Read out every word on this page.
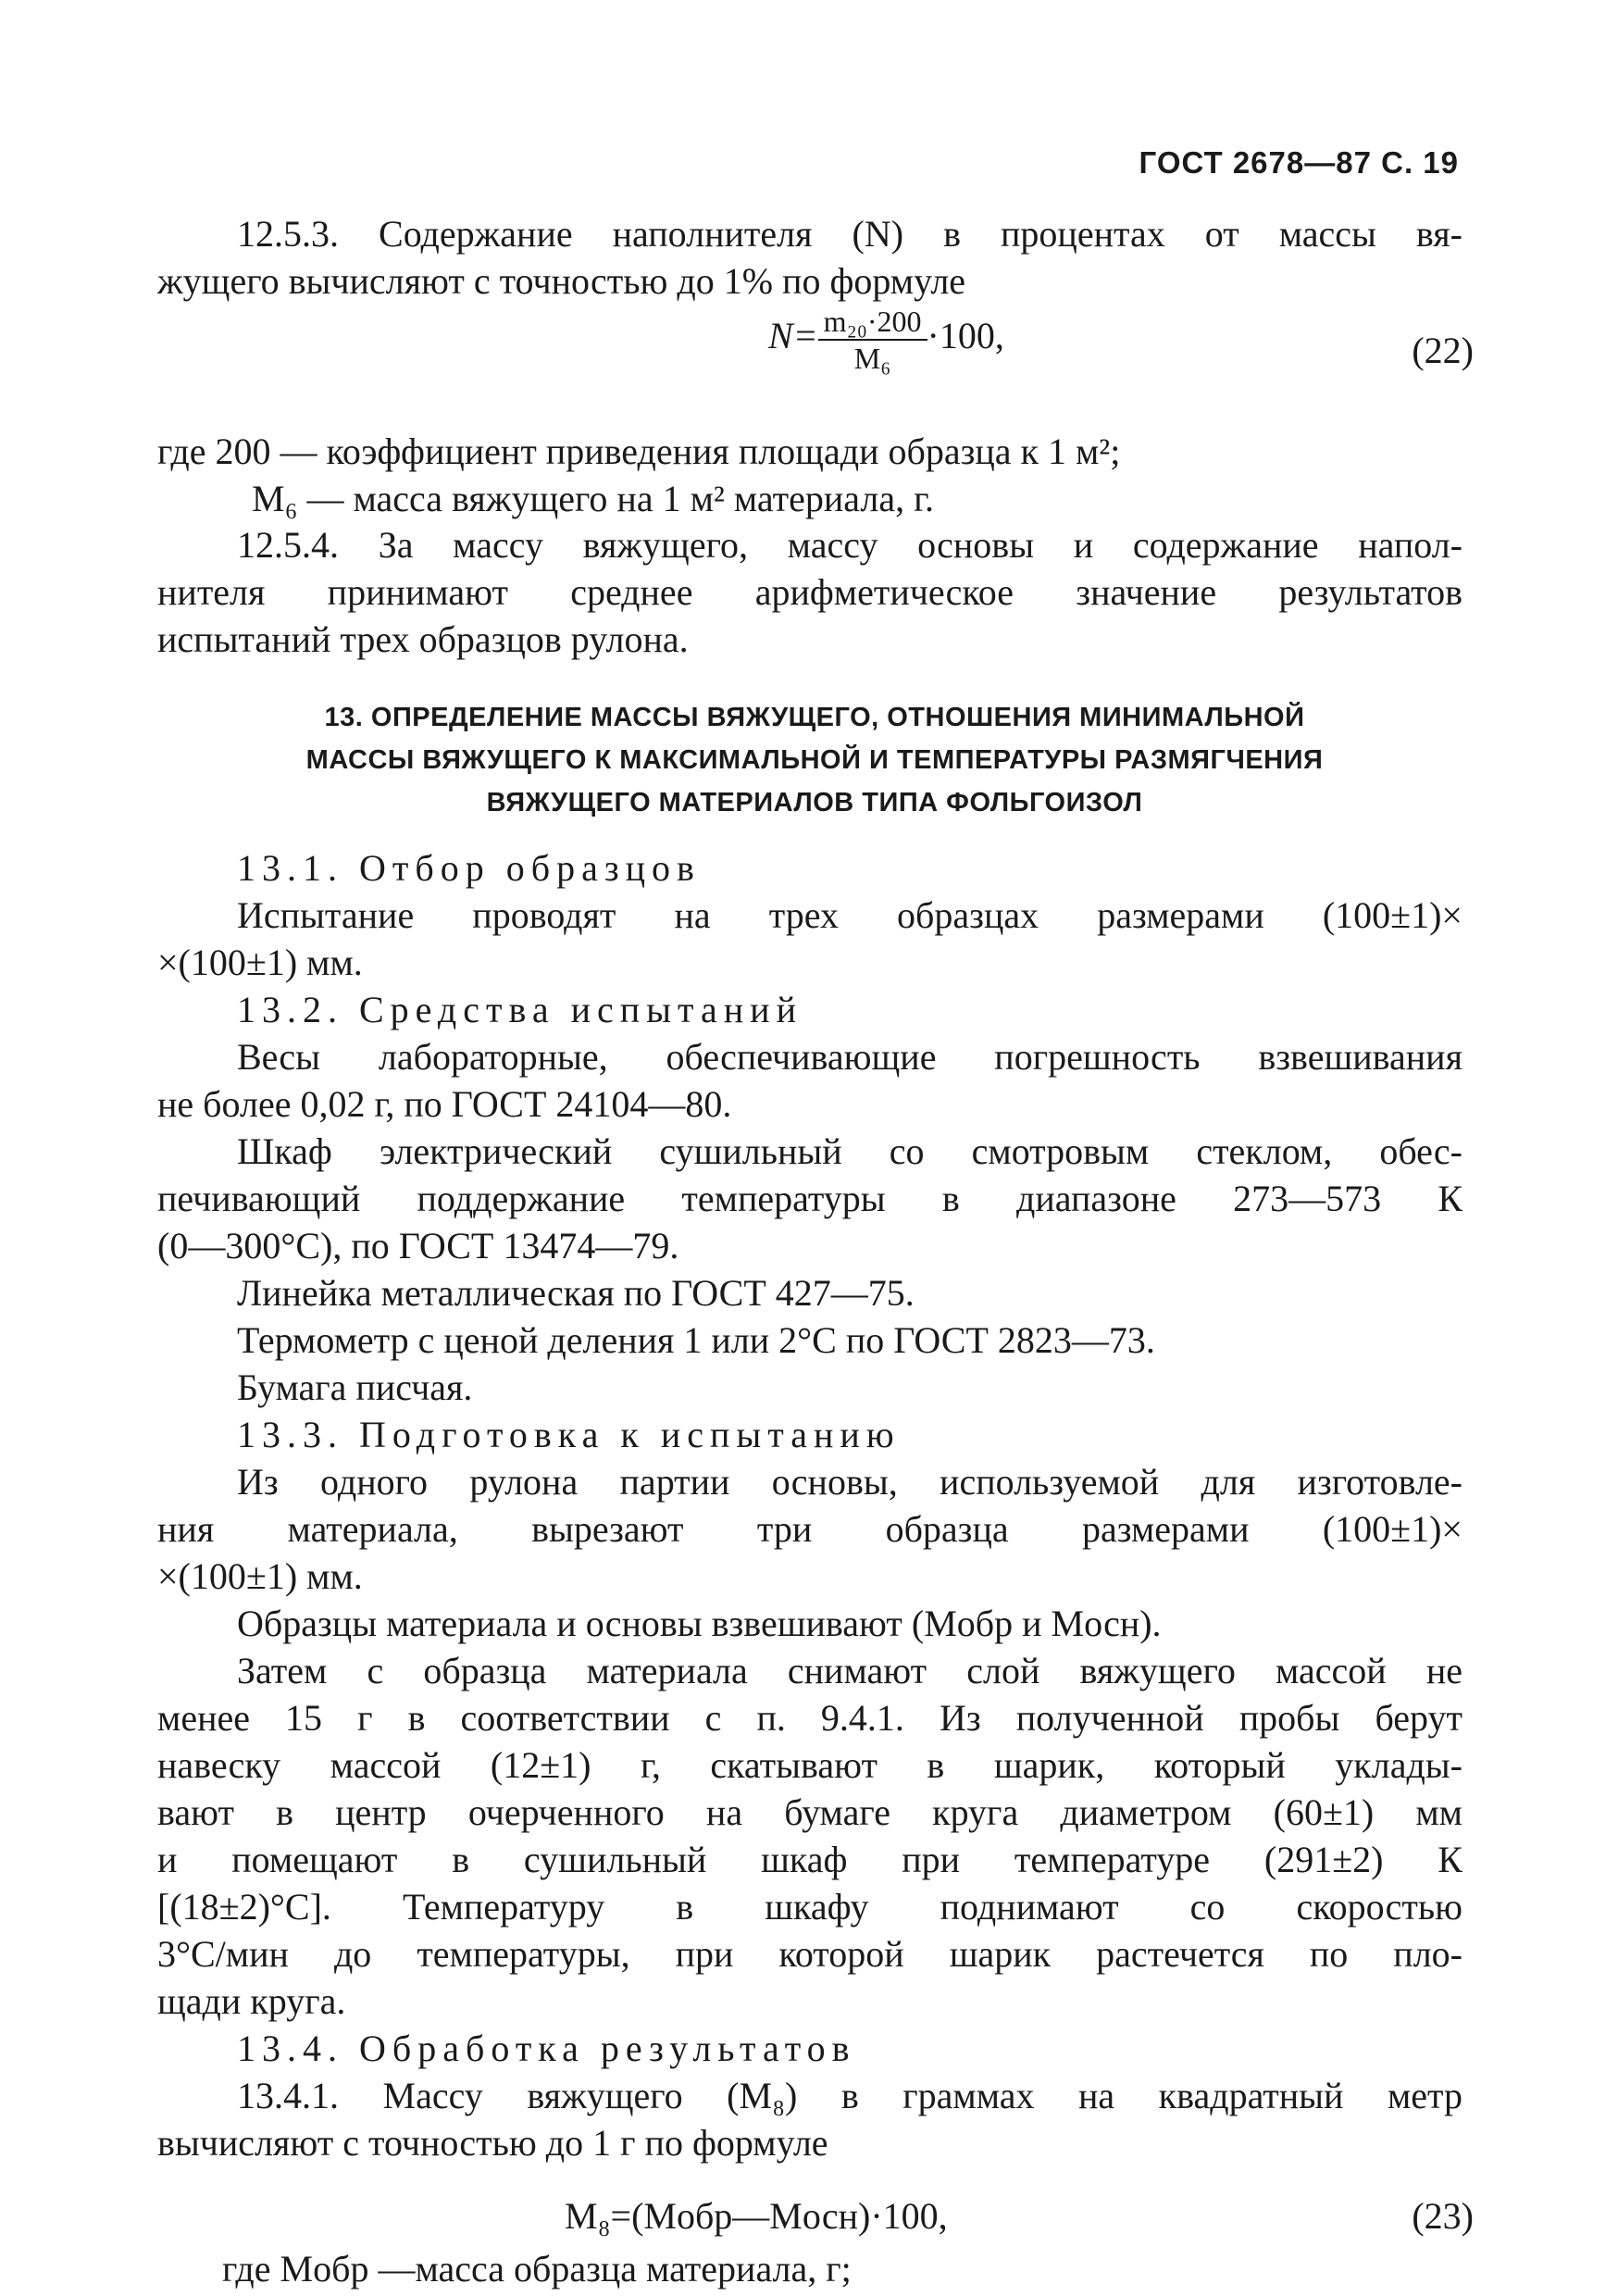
ГОСТ 2678—87 С. 19
12.5.3. Содержание наполнителя (N) в процентах от массы вя-
жущего вычисляют с точностью до 1% по формуле
$N= \frac{\text{m₂₀·200}}{\text{M₆}} \cdot 100$,	(22)
где 200 — коэффициент приведения площади образца к 1 м²;
M₆ — масса вяжущего на 1 м² материала, г.
12.5.4. За массу вяжущего, массу основы и содержание напол-
нителя принимают среднее арифметическое значение результатов
испытаний трех образцов рулона.
13. ОПРЕДЕЛЕНИЕ МАССЫ ВЯЖУЩЕГО, ОТНОШЕНИЯ МИНИМАЛЬНОЙ
МАССЫ ВЯЖУЩЕГО К МАКСИМАЛЬНОЙ И ТЕМПЕРАТУРЫ РАЗМЯГЧЕНИЯ
ВЯЖУЩЕГО МАТЕРИАЛОВ ТИПА ФОЛЬГОИЗОЛ
13.1. Отбор образцов
Испытание проводят на трех образцах размерами (100±1)×
×(100±1) мм.
13.2. Средства испытаний
Весы лабораторные, обеспечивающие погрешность взвешивания
не более 0,02 г, по ГОСТ 24104—80.
Шкаф электрический сушильный со смотровым стеклом, обес-
печивающий поддержание температуры в диапазоне 273—573 К
(0—300°С), по ГОСТ 13474—79.
Линейка металлическая по ГОСТ 427—75.
Термометр с ценой деления 1 или 2°С по ГОСТ 2823—73.
Бумага писчая.
13.3. Подготовка к испытанию
Из одного рулона партии основы, используемой для изготовле-
ния материала, вырезают три образца размерами (100±1)×
×(100±1) мм.
Образцы материала и основы взвешивают (Mобр и Mосн).
Затем с образца материала снимают слой вяжущего массой не
менее 15 г в соответствии с п. 9.4.1. Из полученной пробы берут
навеску массой (12±1) г, скатывают в шарик, который уклады-
вают в центр очерченного на бумаге круга диаметром (60±1) мм
и помещают в сушильный шкаф при температуре (291±2) К
[(18±2)°С]. Температуру в шкафу поднимают со скоростью
3°С/мин до температуры, при которой шарик растечется по пло-
щади круга.
13.4. Обработка результатов
13.4.1. Массу вяжущего (M₈) в граммах на квадратный метр
вычисляют с точностью до 1 г по формуле
M₈=(Mобр—Mосн)·100,	(23)
где Mобр —масса образца материала, г;
